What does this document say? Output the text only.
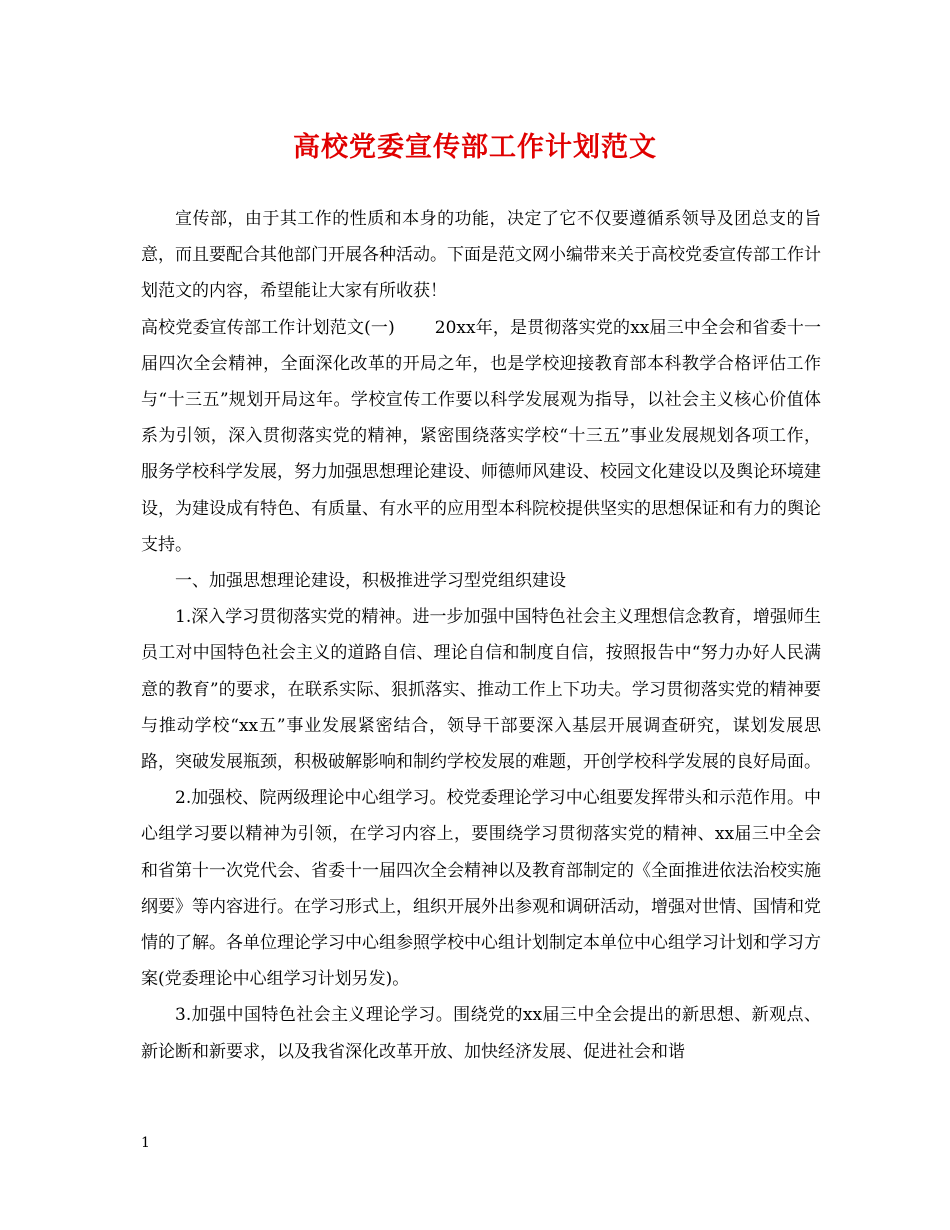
高校党委宣传部工作计划范文

宣传部，由于其工作的性质和本身的功能，决定了它不仅要遵循系领导及团总支的旨意，而且要配合其他部门开展各种活动。下面是范文网小编带来关于高校党委宣传部工作计划范文的内容，希望能让大家有所收获！

高校党委宣传部工作计划范文(一)　　 20xx年，是贯彻落实党的xx届三中全会和省委十一届四次全会精神，全面深化改革的开局之年，也是学校迎接教育部本科教学合格评估工作与“十三五”规划开局这年。学校宣传工作要以科学发展观为指导，以社会主义核心价值体系为引领，深入贯彻落实党的精神，紧密围绕落实学校“十三五”事业发展规划各项工作，服务学校科学发展，努力加强思想理论建设、师德师风建设、校园文化建设以及舆论环境建设，为建设成有特色、有质量、有水平的应用型本科院校提供坚实的思想保证和有力的舆论支持。

一、加强思想理论建设，积极推进学习型党组织建设

1.深入学习贯彻落实党的精神。进一步加强中国特色社会主义理想信念教育，增强师生员工对中国特色社会主义的道路自信、理论自信和制度自信，按照报告中“努力办好人民满意的教育”的要求，在联系实际、狠抓落实、推动工作上下功夫。学习贯彻落实党的精神要与推动学校“xx五”事业发展紧密结合，领导干部要深入基层开展调查研究，谋划发展思路，突破发展瓶颈，积极破解影响和制约学校发展的难题，开创学校科学发展的良好局面。

2.加强校、院两级理论中心组学习。校党委理论学习中心组要发挥带头和示范作用。中心组学习要以精神为引领，在学习内容上，要围绕学习贯彻落实党的精神、xx届三中全会和省第十一次党代会、省委十一届四次全会精神以及教育部制定的《全面推进依法治校实施纲要》等内容进行。在学习形式上，组织开展外出参观和调研活动，增强对世情、国情和党情的了解。各单位理论学习中心组参照学校中心组计划制定本单位中心组学习计划和学习方案(党委理论中心组学习计划另发)。

3.加强中国特色社会主义理论学习。围绕党的xx届三中全会提出的新思想、新观点、新论断和新要求，以及我省深化改革开放、加快经济发展、促进社会和谐

1
